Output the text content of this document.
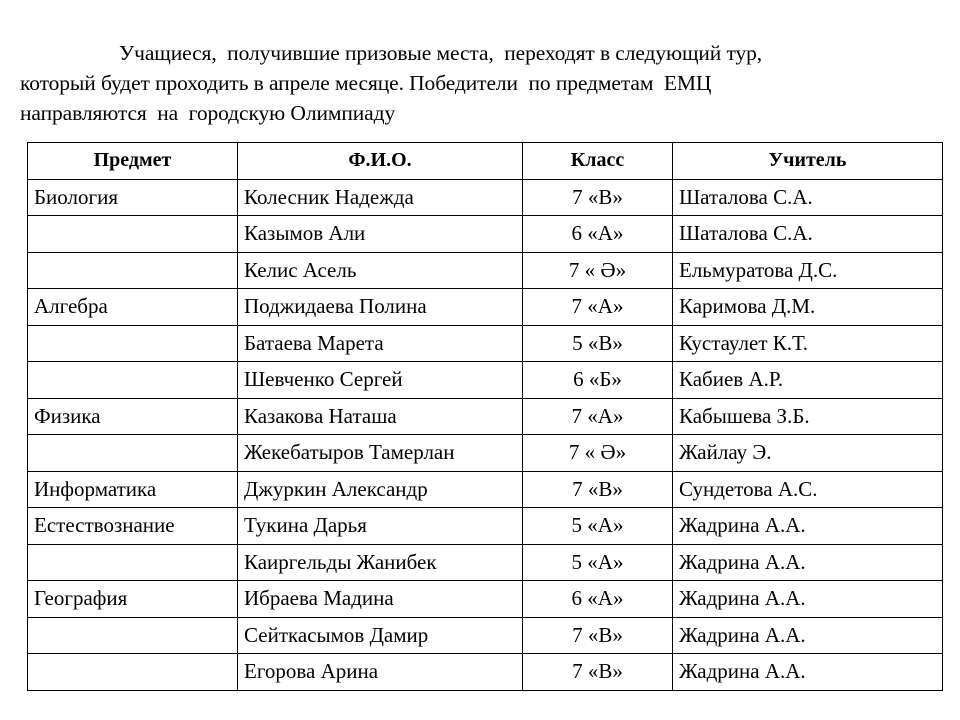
Учащиеся,  получившие призовые места,  переходят в следующий тур,
который будет проходить в апреле месяце. Победители  по предметам  ЕМЦ
направляются  на  городскую Олимпиаду
Предмет	Ф.И.О.	Класс	Учитель
Биология	Колесник Надежда	7 «В»	Шаталова С.А.
	Казымов Али	6 «А»	Шаталова С.А.
	Келис Асель	7 « Ә»	Ельмуратова Д.С.
Алгебра	Поджидаева Полина	7 «А»	Каримова Д.М.
	Батаева Марета	5 «В»	Кустаулет К.Т.
	Шевченко Сергей	6 «Б»	Кабиев А.Р.
Физика	Казакова Наташа	7 «А»	Кабышева З.Б.
	Жекебатыров Тамерлан	7 « Ә»	Жайлау Э.
Информатика	Джуркин Александр	7 «В»	Сундетова А.С.
Естествознание	Тукина Дарья	5 «А»	Жадрина А.А.
	Каиргельды Жанибек	5 «А»	Жадрина А.А.
География	Ибраева Мадина	6 «А»	Жадрина А.А.
	Сейткасымов Дамир	7 «В»	Жадрина А.А.
	Егорова Арина	7 «В»	Жадрина А.А.
